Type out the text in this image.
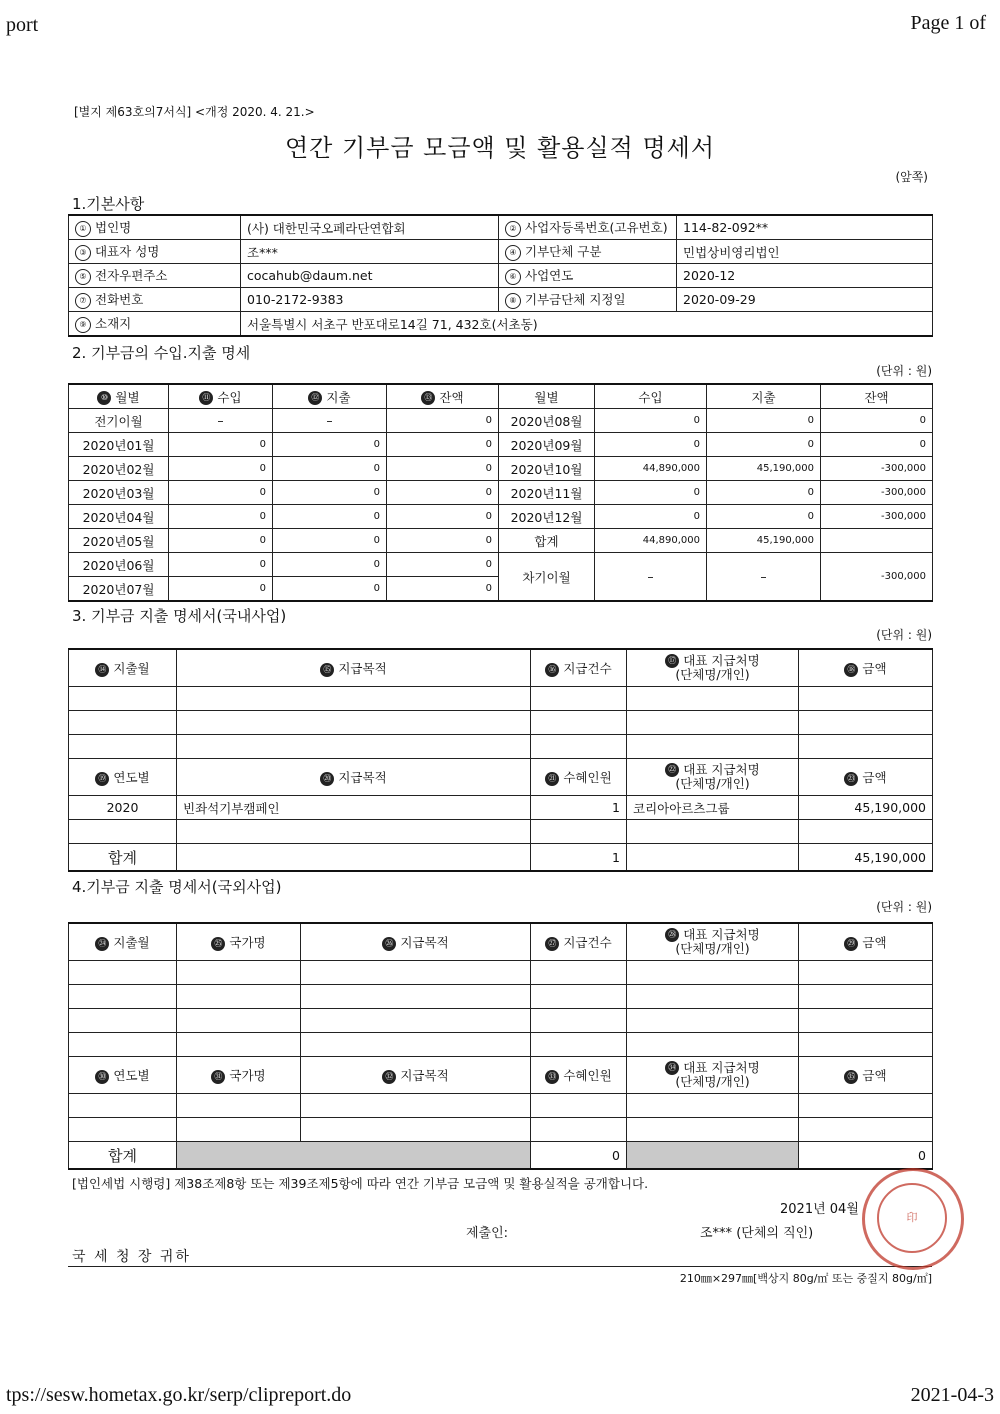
port	Page 1 of
tps://sesw.hometax.go.kr/serp/clipreport.do	2021-04-3
[별지 제63호의7서식] <개정 2020. 4. 21.>
연간 기부금 모금액 및 활용실적 명세서
(앞쪽)
1.기본사항
① 법인명	(사) 대한민국오페라단연합회	② 사업자등록번호(고유번호)	114-82-092**
③ 대표자 성명	조***	④ 기부단체 구분	민법상비영리법인
⑤ 전자우편주소	cocahub@daum.net	⑥ 사업연도	2020-12
⑦ 전화번호	010-2172-9383	⑧ 기부금단체 지정일	2020-09-29
⑨ 소재지	서울특별시 서초구 반포대로14길 71, 432호(서초동)		
2. 기부금의 수입.지출 명세
(단위 : 원)
⑩ 월별	⑪ 수입	⑫ 지출	⑬ 잔액	월별	수입	지출	잔액
전기이월	–	–	0	2020년08월	0	0	0
2020년01월	0	0	0	2020년09월	0	0	0
2020년02월	0	0	0	2020년10월	44,890,000	45,190,000	-300,000
2020년03월	0	0	0	2020년11월	0	0	-300,000
2020년04월	0	0	0	2020년12월	0	0	-300,000
2020년05월	0	0	0	합계	44,890,000	45,190,000	
2020년06월	0	0	0	차기이월	–	–	-300,000
2020년07월	0	0	0				
3. 기부금 지출 명세서(국내사업)
(단위 : 원)
⑭ 지출월	⑮ 지급목적	⑯ 지급건수	⑰ 대표 지급처명
(단체명/개인)	⑱ 금액

⑲ 연도별	⑳ 지급목적	㉑ 수혜인원	㉒ 대표 지급처명
(단체명/개인)	㉓ 금액
2020	빈좌석기부캠페인	1	코리아아르츠그룹	45,190,000

합계		1		45,190,000
4.기부금 지출 명세서(국외사업)
(단위 : 원)
㉔ 지출월	㉕ 국가명	㉖ 지급목적	㉗ 지급건수	㉘ 대표 지급처명
(단체명/개인)	㉙ 금액

㉚ 연도별	㉛ 국가명	㉜ 지급목적	㉝ 수혜인원	㉞ 대표 지급처명
(단체명/개인)	㉟ 금액

합계			0		0
[법인세법 시행령] 제38조제8항 또는 제39조제5항에 따라 연간 기부금 모금액 및 활용실적을 공개합니다.
2021년 04월
제출인:	조*** (단체의 직인)
국 세 청 장 귀하
210㎜×297㎜[백상지 80g/㎡ 또는 중질지 80g/㎡]
印
